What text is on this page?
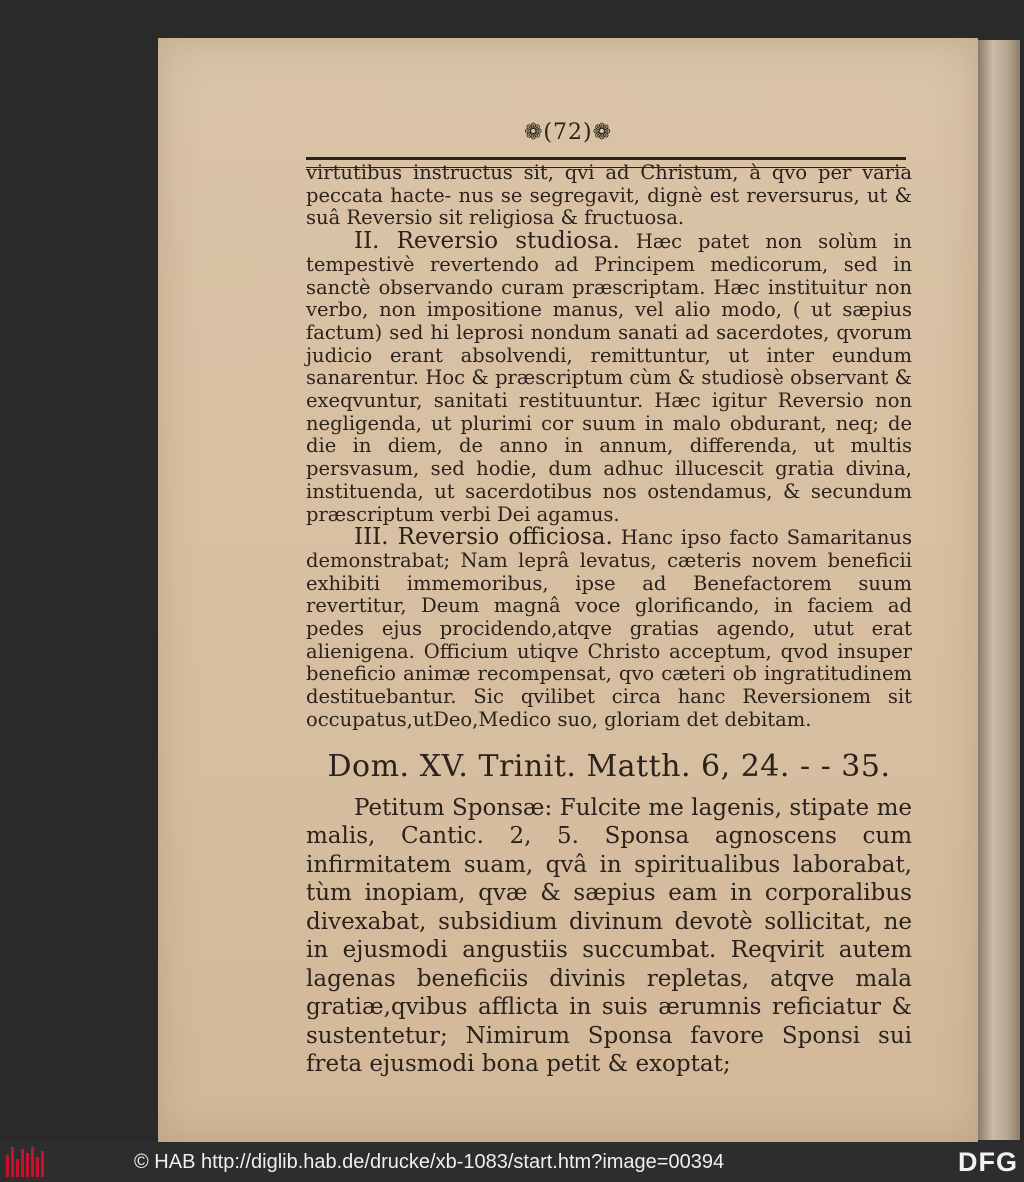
❁(72)❁

virtutibus instructus sit, qvi ad Christum, à qvo per varia peccata hacte- nus se segregavit, dignè est reversurus, ut & suâ Reversio sit religiosa & fructuosa.

II. Reversio studiosa. Hæc patet non solùm in tempestivè revertendo ad Principem medicorum, sed in sanctè observando curam præscriptam. Hæc instituitur non verbo, non impositione manus, vel alio modo, ( ut sæpius factum) sed hi leprosi nondum sanati ad sacerdotes, qvorum judicio erant absolvendi, remittuntur, ut inter eundum sanarentur. Hoc & præscriptum cùm & studiosè observant & exeqvuntur, sanitati restituuntur. Hæc igitur Reversio non negligenda, ut plurimi cor suum in malo obdurant, neq; de die in diem, de anno in annum, differenda, ut multis persvasum, sed hodie, dum adhuc illucescit gratia divina, instituenda, ut sacerdotibus nos ostendamus, & secundum præscriptum verbi Dei agamus.

III. Reversio officiosa. Hanc ipso facto Samaritanus demonstrabat; Nam leprâ levatus, cæteris novem beneficii exhibiti immemoribus, ipse ad Benefactorem suum revertitur, Deum magnâ voce glorificando, in faciem ad pedes ejus procidendo,atqve gratias agendo, utut erat alienigena. Officium utiqve Christo acceptum, qvod insuper beneficio animæ recompensat, qvo cæteri ob ingratitudinem destituebantur. Sic qvilibet circa hanc Reversionem sit occupatus,utDeo,Medico suo, gloriam det debitam.

Dom. XV. Trinit. Matth. 6, 24. - - 35.

Petitum Sponsæ: Fulcite me lagenis, stipate me malis, Cantic. 2, 5. Sponsa agnoscens cum infirmitatem suam, qvâ in spiritualibus laborabat, tùm inopiam, qvæ & sæpius eam in corporalibus divexabat, subsidium divinum devotè sollicitat, ne in ejusmodi angustiis succumbat. Reqvirit autem lagenas beneficiis divinis repletas, atqve mala gratiæ,qvibus afflicta in suis ærumnis reficiatur & sustentetur; Nimirum Sponsa favore Sponsi sui freta ejusmodi bona petit & exoptat;

© HAB http://diglib.hab.de/drucke/xb-1083/start.htm?image=00394	DFG
